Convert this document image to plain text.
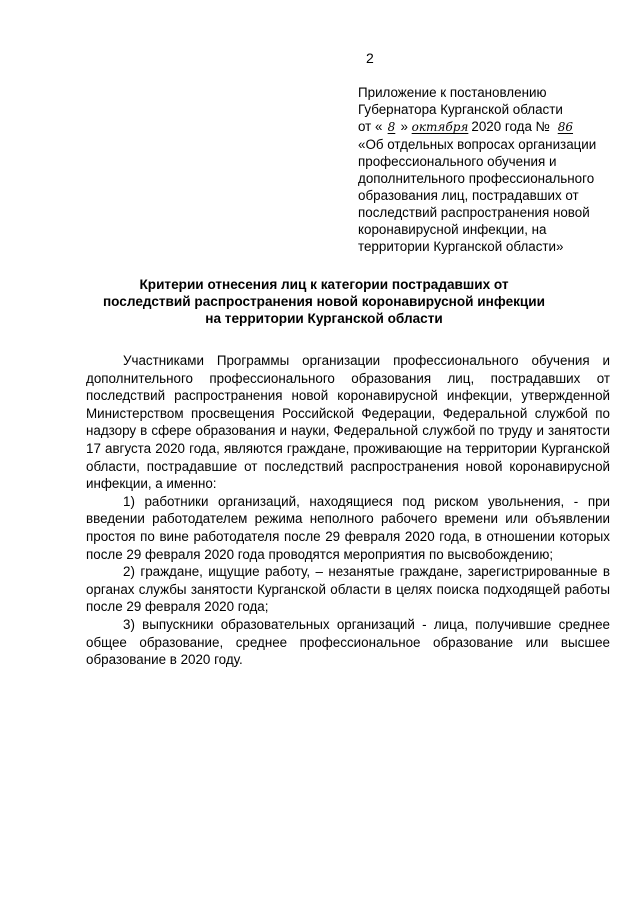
2
Приложение к постановлению
Губернатора Курганской области
от « 8 » октября 2020 года № 86
«Об отдельных вопросах организации
профессионального обучения и
дополнительного профессионального
образования лиц, пострадавших от
последствий распространения новой
коронавирусной инфекции, на
территории Курганской области»
Критерии отнесения лиц к категории пострадавших от последствий распространения новой коронавирусной инфекции на территории Курганской области

Участниками Программы организации профессионального обучения и дополнительного профессионального образования лиц, пострадавших от последствий распространения новой коронавирусной инфекции, утвержденной Министерством просвещения Российской Федерации, Федеральной службой по надзору в сфере образования и науки, Федеральной службой по труду и занятости 17 августа 2020 года, являются граждане, проживающие на территории Курганской области, пострадавшие от последствий распространения новой коронавирусной инфекции, а именно:

1) работники организаций, находящиеся под риском увольнения, - при введении работодателем режима неполного рабочего времени или объявлении простоя по вине работодателя после 29 февраля 2020 года, в отношении которых после 29 февраля 2020 года проводятся мероприятия по высвобождению;

2) граждане, ищущие работу, – незанятые граждане, зарегистрированные в органах службы занятости Курганской области в целях поиска подходящей работы после 29 февраля 2020 года;

3) выпускники образовательных организаций - лица, получившие среднее общее образование, среднее профессиональное образование или высшее образование в 2020 году.
